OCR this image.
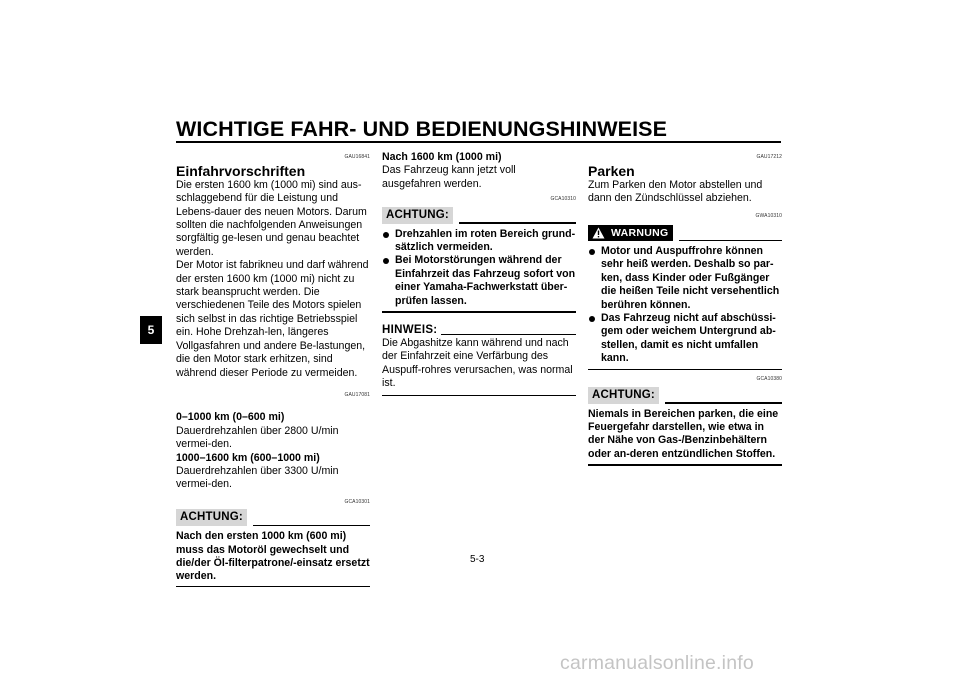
WICHTIGE FAHR- UND BEDIENUNGSHINWEISE
5
GAU16841
Einfahrvorschriften

Die ersten 1600 km (1000 mi) sind aus-schlaggebend für die Leistung und Lebens-dauer des neuen Motors. Darum sollten die nachfolgenden Anweisungen sorgfältig ge-lesen und genau beachtet werden.

Der Motor ist fabrikneu und darf während der ersten 1600 km (1000 mi) nicht zu stark beansprucht werden. Die verschiedenen Teile des Motors spielen sich selbst in das richtige Betriebsspiel ein. Hohe Drehzah-len, längeres Vollgasfahren und andere Be-lastungen, die den Motor stark erhitzen, sind während dieser Periode zu vermeiden.

GAU17081
0–1000 km (0–600 mi)
Dauerdrehzahlen über 2800 U/min vermei-den.
1000–1600 km (600–1000 mi)
Dauerdrehzahlen über 3300 U/min vermei-den.
GCA10301
ACHTUNG:
Nach den ersten 1000 km (600 mi) muss das Motoröl gewechselt und die/der Öl-filterpatrone/-einsatz ersetzt werden.
Nach 1600 km (1000 mi)
Das Fahrzeug kann jetzt voll ausgefahren werden.
GCA10310
ACHTUNG:
Drehzahlen im roten Bereich grund-sätzlich vermeiden.
Bei Motorstörungen während der Einfahrzeit das Fahrzeug sofort von einer Yamaha-Fachwerkstatt über-prüfen lassen.
HINWEIS:
Die Abgashitze kann während und nach der Einfahrzeit eine Verfärbung des Auspuff-rohres verursachen, was normal ist.
GAU17212
Parken
Zum Parken den Motor abstellen und dann den Zündschlüssel abziehen.
GWA10310
WARNUNG
Motor und Auspuffrohre können sehr heiß werden. Deshalb so par-ken, dass Kinder oder Fußgänger die heißen Teile nicht versehentlich berühren können.
Das Fahrzeug nicht auf abschüssi-gem oder weichem Untergrund ab-stellen, damit es nicht umfallen kann.
GCA10380
ACHTUNG:
Niemals in Bereichen parken, die eine Feuergefahr darstellen, wie etwa in der Nähe von Gas-/Benzinbehältern oder an-deren entzündlichen Stoffen.
5-3
carmanualsonline.info
